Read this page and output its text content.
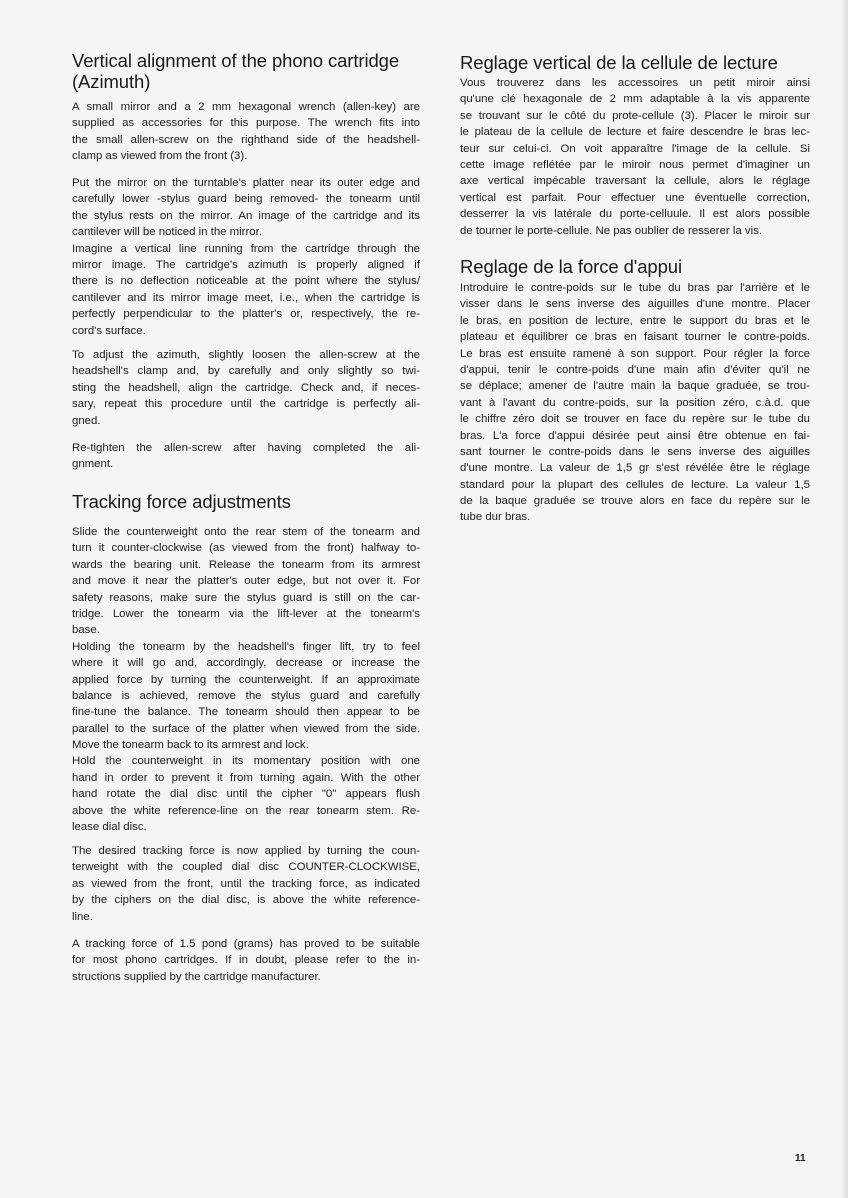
Vertical alignment of the phono cartridge
(Azimuth)
A small mirror and a 2 mm hexagonal wrench (allen-key) are
supplied as accessories for this purpose. The wrench fits into
the small allen-screw on the righthand side of the headshell-
clamp as viewed from the front (3).
Put the mirror on the turntable's platter near its outer edge and
carefully lower -stylus guard being removed- the tonearm until
the stylus rests on the mirror. An image of the cartridge and its
cantilever will be noticed in the mirror.
Imagine a vertical line running from the cartridge through the
mirror image. The cartridge's azimuth is properly aligned if
there is no deflection noticeable at the point where the stylus/
cantilever and its mirror image meet, i.e., when the cartridge is
perfectly perpendicular to the platter's or, respectively, the re-
cord's surface.
To adjust the azimuth, slightly loosen the allen-screw at the
headshell's clamp and, by carefully and only slightly so twi-
sting the headshell, align the cartridge. Check and, if neces-
sary, repeat this procedure until the cartridge is perfectly ali-
gned.
Re-tighten the allen-screw after having completed the ali-
gnment.
Tracking force adjustments
Slide the counterweight onto the rear stem of the tonearm and
turn it counter-clockwise (as viewed from the front) halfway to-
wards the bearing unit. Release the tonearm from its armrest
and move it near the platter's outer edge, but not over it. For
safety reasons, make sure the stylus guard is still on the car-
tridge. Lower the tonearm via the lift-lever at the tonearm's
base.
Holding the tonearm by the headshell's finger lift, try to feel
where it will go and, accordingly, decrease or increase the
applied force by turning the counterweight. If an approximate
balance is achieved, remove the stylus guard and carefully
fine-tune the balance. The tonearm should then appear to be
parallel to the surface of the platter when viewed from the side.
Move the tonearm back to its armrest and lock.
Hold the counterweight in its momentary position with one
hand in order to prevent it from turning again. With the other
hand rotate the dial disc until the cipher "0" appears flush
above the white reference-line on the rear tonearm stem. Re-
lease dial disc.
The desired tracking force is now applied by turning the coun-
terweight with the coupled dial disc COUNTER-CLOCKWISE,
as viewed from the front, until the tracking force, as indicated
by the ciphers on the dial disc, is above the white reference-
line.
A tracking force of 1.5 pond (grams) has proved to be suitable
for most phono cartridges. If in doubt, please refer to the in-
structions supplied by the cartridge manufacturer.
Reglage vertical de la cellule de lecture
Vous trouverez dans les accessoires un petit miroir ainsi
qu'une clé hexagonale de 2 mm adaptable à la vis apparente
se trouvant sur le côté du prote-cellule (3). Placer le miroir sur
le plateau de la cellule de lecture et faire descendre le bras lec-
teur sur celui-ci. On voit apparaître l'image de la cellule. Si
cette image reflétée par le miroir nous permet d'imaginer un
axe vertical impécable traversant la cellule, alors le réglage
vertical est parfait. Pour effectuer une éventuelle correction,
desserrer la vis latérale du porte-celluule. Il est alors possible
de tourner le porte-cellule. Ne pas oublier de resserer la vis.
Reglage de la force d'appui
Introduire le contre-poids sur le tube du bras par l'arrière et le
visser dans le sens inverse des aiguilles d'une montre. Placer
le bras, en position de lecture, entre le support du bras et le
plateau et équilibrer ce bras en faisant tourner le contre-poids.
Le bras est ensuite ramené à son support. Pour régler la force
d'appui, tenir le contre-poids d'une main afin d'éviter qu'il ne
se déplace; amener de l'autre main la baque graduée, se trou-
vant à l'avant du contre-poids, sur la position zéro, c.à.d. que
le chiffre zéro doit se trouver en face du repère sur le tube du
bras. L'a force d'appui désirée peut ainsi être obtenue en fai-
sant tourner le contre-poids dans le sens inverse des aiguilles
d'une montre. La valeur de 1,5 gr s'est révélée être le réglage
standard pour la plupart des cellules de lecture. La valeur 1,5
de la baque graduée se trouve alors en face du repère sur le
tube dur bras.
11
